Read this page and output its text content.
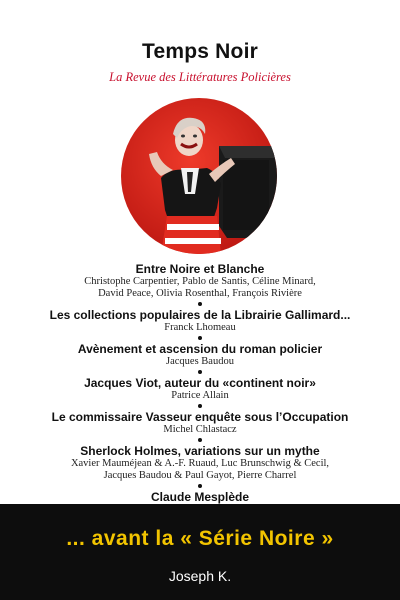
Temps Noir
La Revue des Littératures Policières
Entre Noire et Blanche
Christophe Carpentier, Pablo de Santis, Céline Minard,
David Peace, Olivia Rosenthal, François Rivière
Les collections populaires de la Librairie Gallimard...
Franck Lhomeau
Avènement et ascension du roman policier
Jacques Baudou
Jacques Viot, auteur du «continent noir»
Patrice Allain
Le commissaire Vasseur enquête sous l’Occupation
Michel Chlastacz
Sherlock Holmes, variations sur un mythe
Xavier Mauméjean & A.-F. Ruaud, Luc Brunschwig & Cecil,
Jacques Baudou & Paul Gayot, Pierre Charrel
Claude Mesplède
... avant la « Série Noire »
Joseph K.
